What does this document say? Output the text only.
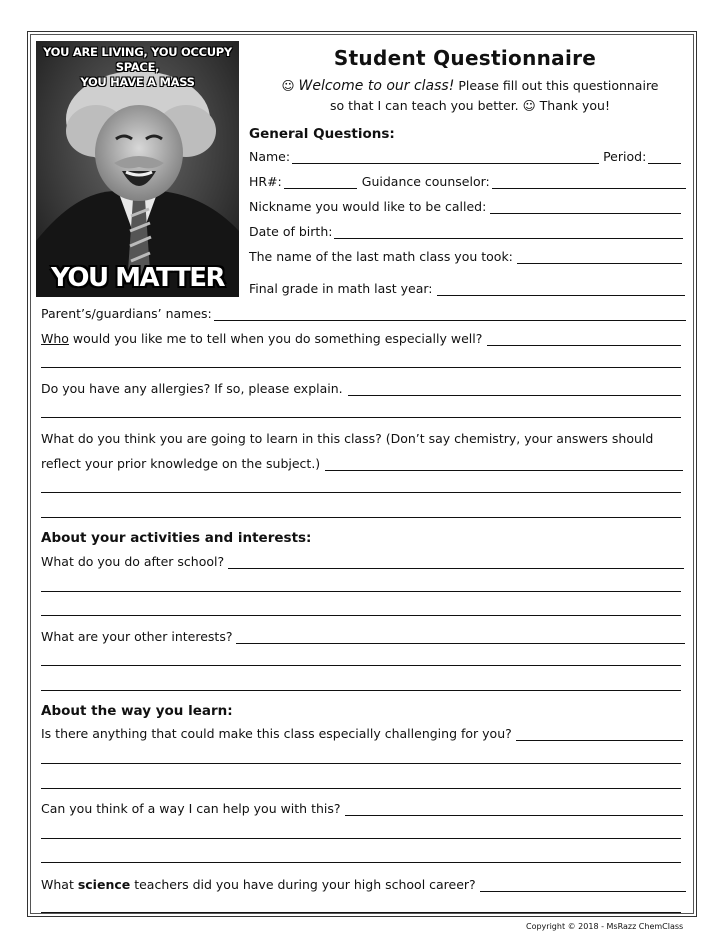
YOU ARE LIVING, YOU OCCUPY SPACE,
YOU HAVE A MASS
YOU MATTER
Student Questionnaire
☺ Welcome to our class! Please fill out this questionnaire
so that I can teach you better. ☺ Thank you!
General Questions:
Name:	Period:
HR#:	Guidance counselor:
Nickname you would like to be called:
Date of birth:
The name of the last math class you took:
Final grade in math last year:
Parent’s/guardians’ names:
Who would you like me to tell when you do something especially well?
Do you have any allergies? If so, please explain.
What do you think you are going to learn in this class? (Don’t say chemistry, your answers should
reflect your prior knowledge on the subject.)
About your activities and interests:
What do you do after school?
What are your other interests?
About the way you learn:
Is there anything that could make this class especially challenging for you?
Can you think of a way I can help you with this?
What science teachers did you have during your high school career?
Copyright © 2018 - MsRazz ChemClass
